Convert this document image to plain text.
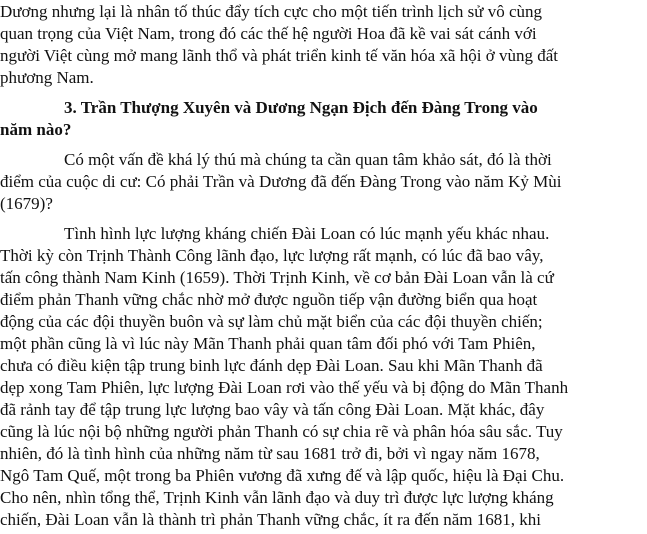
Dương nhưng lại là nhân tố thúc đẩy tích cực cho một tiến trình lịch sử vô cùng
quan trọng của Việt Nam, trong đó các thế hệ người Hoa đã kề vai sát cánh với
người Việt cùng mở mang lãnh thổ và phát triển kinh tế văn hóa xã hội ở vùng đất
phương Nam.
3. Trần Thượng Xuyên và Dương Ngạn Địch đến Đàng Trong vào
năm nào?
Có một vấn đề khá lý thú mà chúng ta cần quan tâm khảo sát, đó là thời
điểm của cuộc di cư: Có phải Trần và Dương đã đến Đàng Trong vào năm Kỷ Mùi
(1679)?
Tình hình lực lượng kháng chiến Đài Loan có lúc mạnh yếu khác nhau.
Thời kỳ còn Trịnh Thành Công lãnh đạo, lực lượng rất mạnh, có lúc đã bao vây,
tấn công thành Nam Kinh (1659). Thời Trịnh Kinh, về cơ bản Đài Loan vẫn là cứ
điểm phản Thanh vững chắc nhờ mở được nguồn tiếp vận đường biển qua hoạt
động của các đội thuyền buôn và sự làm chủ mặt biển của các đội thuyền chiến;
một phần cũng là vì lúc này Mãn Thanh phải quan tâm đối phó với Tam Phiên,
chưa có điều kiện tập trung binh lực đánh dẹp Đài Loan. Sau khi Mãn Thanh đã
dẹp xong Tam Phiên, lực lượng Đài Loan rơi vào thế yếu và bị động do Mãn Thanh
đã rảnh tay để tập trung lực lượng bao vây và tấn công Đài Loan. Mặt khác, đây
cũng là lúc nội bộ những người phản Thanh có sự chia rẽ và phân hóa sâu sắc. Tuy
nhiên, đó là tình hình của những năm từ sau 1681 trở đi, bởi vì ngay năm 1678,
Ngô Tam Quế, một trong ba Phiên vương đã xưng đế và lập quốc, hiệu là Đại Chu.
Cho nên, nhìn tổng thể, Trịnh Kinh vẫn lãnh đạo và duy trì được lực lượng kháng
chiến, Đài Loan vẫn là thành trì phản Thanh vững chắc, ít ra đến năm 1681, khi
